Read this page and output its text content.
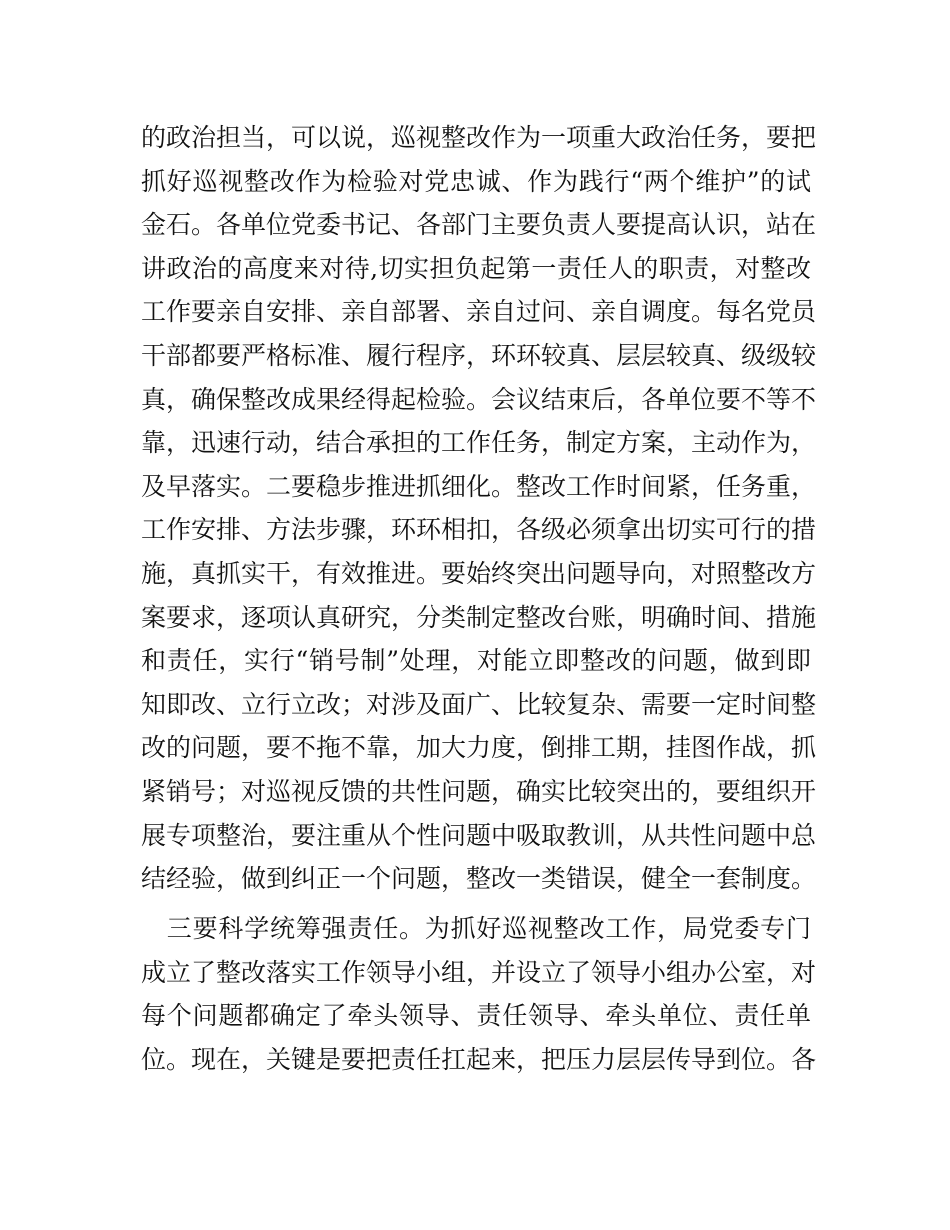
的政治担当，可以说，巡视整改作为一项重大政治任务，要把
抓好巡视整改作为检验对党忠诚、作为践行“两个维护”的试
金石。各单位党委书记、各部门主要负责人要提高认识，站在
讲政治的高度来对待,切实担负起第一责任人的职责，对整改
工作要亲自安排、亲自部署、亲自过问、亲自调度。每名党员
干部都要严格标准、履行程序，环环较真、层层较真、级级较
真，确保整改成果经得起检验。会议结束后，各单位要不等不
靠，迅速行动，结合承担的工作任务，制定方案，主动作为，
及早落实。二要稳步推进抓细化。整改工作时间紧，任务重，
工作安排、方法步骤，环环相扣，各级必须拿出切实可行的措
施，真抓实干，有效推进。要始终突出问题导向，对照整改方
案要求，逐项认真研究，分类制定整改台账，明确时间、措施
和责任，实行“销号制”处理，对能立即整改的问题，做到即
知即改、立行立改；对涉及面广、比较复杂、需要一定时间整
改的问题，要不拖不靠，加大力度，倒排工期，挂图作战，抓
紧销号；对巡视反馈的共性问题，确实比较突出的，要组织开
展专项整治，要注重从个性问题中吸取教训，从共性问题中总
结经验，做到纠正一个问题，整改一类错误，健全一套制度。
　三要科学统筹强责任。为抓好巡视整改工作，局党委专门
成立了整改落实工作领导小组，并设立了领导小组办公室，对
每个问题都确定了牵头领导、责任领导、牵头单位、责任单
位。现在，关键是要把责任扛起来，把压力层层传导到位。各
